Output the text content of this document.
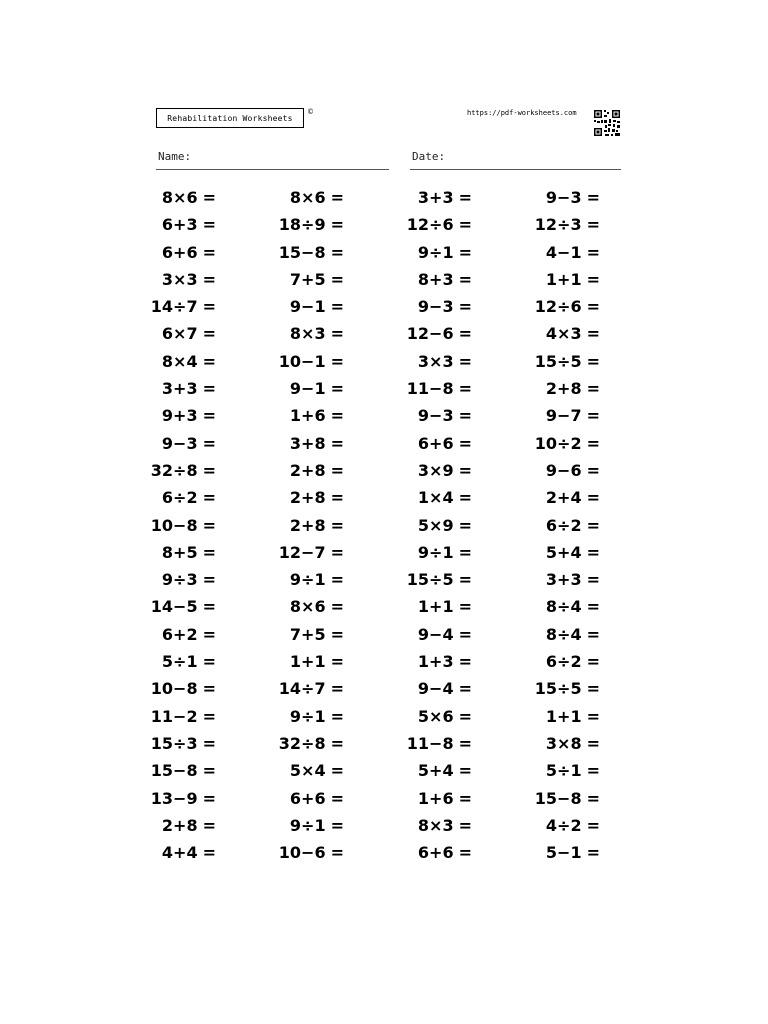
Rehabilitation Worksheets
©	https://pdf-worksheets.com
Name:	Date:
8×6 =
6+3 =
6+6 =
3×3 =
14÷7 =
6×7 =
8×4 =
3+3 =
9+3 =
9−3 =
32÷8 =
6÷2 =
10−8 =
8+5 =
9÷3 =
14−5 =
6+2 =
5÷1 =
10−8 =
11−2 =
15÷3 =
15−8 =
13−9 =
2+8 =
4+4 =
8×6 =
18÷9 =
15−8 =
7+5 =
9−1 =
8×3 =
10−1 =
9−1 =
1+6 =
3+8 =
2+8 =
2+8 =
2+8 =
12−7 =
9÷1 =
8×6 =
7+5 =
1+1 =
14÷7 =
9÷1 =
32÷8 =
5×4 =
6+6 =
9÷1 =
10−6 =
3+3 =
12÷6 =
9÷1 =
8+3 =
9−3 =
12−6 =
3×3 =
11−8 =
9−3 =
6+6 =
3×9 =
1×4 =
5×9 =
9÷1 =
15÷5 =
1+1 =
9−4 =
1+3 =
9−4 =
5×6 =
11−8 =
5+4 =
1+6 =
8×3 =
6+6 =
9−3 =
12÷3 =
4−1 =
1+1 =
12÷6 =
4×3 =
15÷5 =
2+8 =
9−7 =
10÷2 =
9−6 =
2+4 =
6÷2 =
5+4 =
3+3 =
8÷4 =
8÷4 =
6÷2 =
15÷5 =
1+1 =
3×8 =
5÷1 =
15−8 =
4÷2 =
5−1 =
